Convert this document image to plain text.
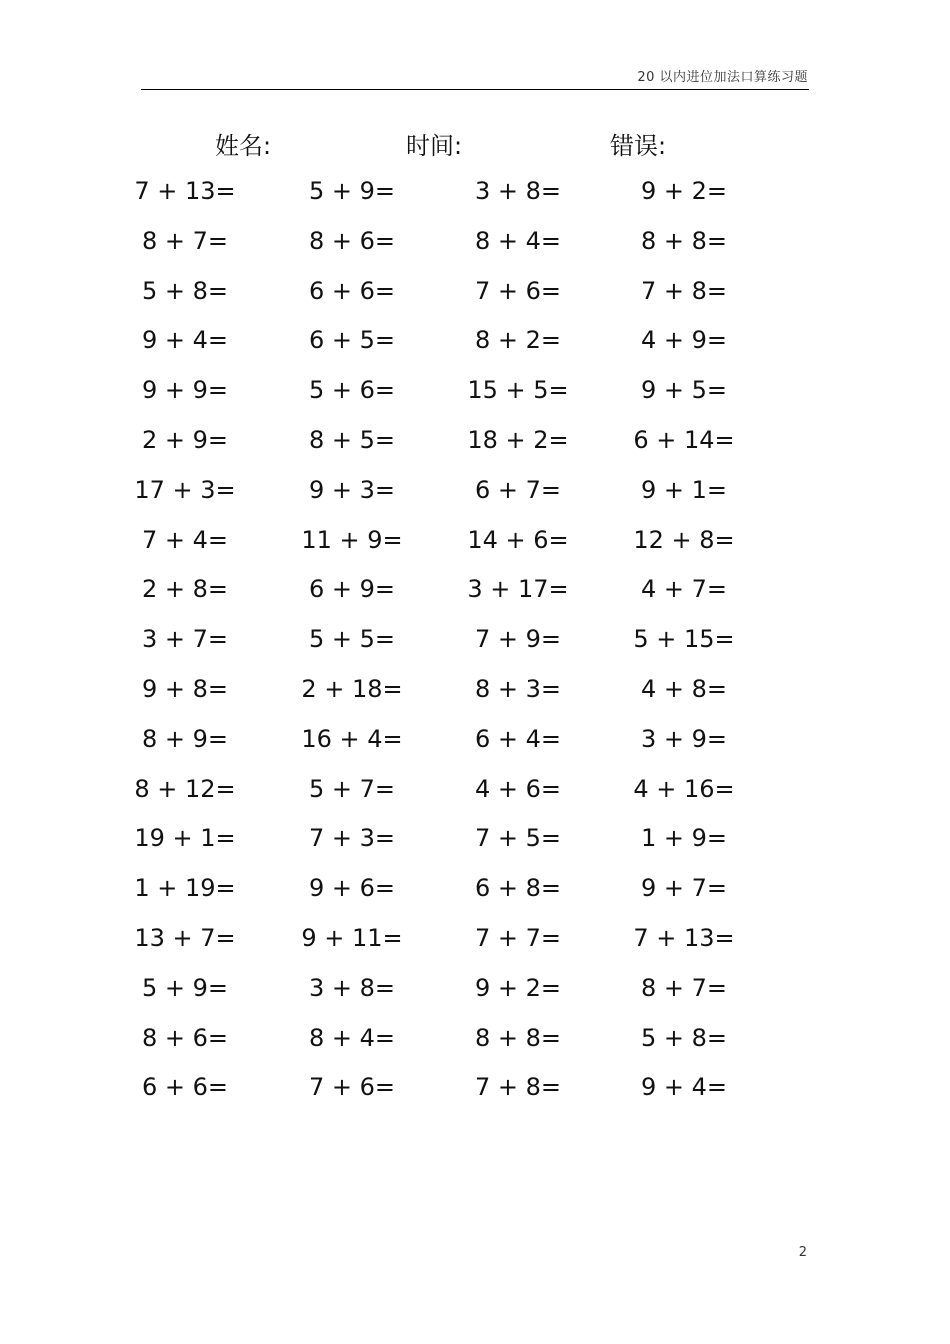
20 以内进位加法口算练习题
姓名:	时间:	错误:
7 + 13=
8 + 7=
5 + 8=
9 + 4=
9 + 9=
2 + 9=
17 + 3=
7 + 4=
2 + 8=
3 + 7=
9 + 8=
8 + 9=
8 + 12=
19 + 1=
1 + 19=
13 + 7=
5 + 9=
8 + 6=
6 + 6=
5 + 9=
8 + 6=
6 + 6=
6 + 5=
5 + 6=
8 + 5=
9 + 3=
11 + 9=
6 + 9=
5 + 5=
2 + 18=
16 + 4=
5 + 7=
7 + 3=
9 + 6=
9 + 11=
3 + 8=
8 + 4=
7 + 6=
3 + 8=
8 + 4=
7 + 6=
8 + 2=
15 + 5=
18 + 2=
6 + 7=
14 + 6=
3 + 17=
7 + 9=
8 + 3=
6 + 4=
4 + 6=
7 + 5=
6 + 8=
7 + 7=
9 + 2=
8 + 8=
7 + 8=
9 + 2=
8 + 8=
7 + 8=
4 + 9=
9 + 5=
6 + 14=
9 + 1=
12 + 8=
4 + 7=
5 + 15=
4 + 8=
3 + 9=
4 + 16=
1 + 9=
9 + 7=
7 + 13=
8 + 7=
5 + 8=
9 + 4=
2
